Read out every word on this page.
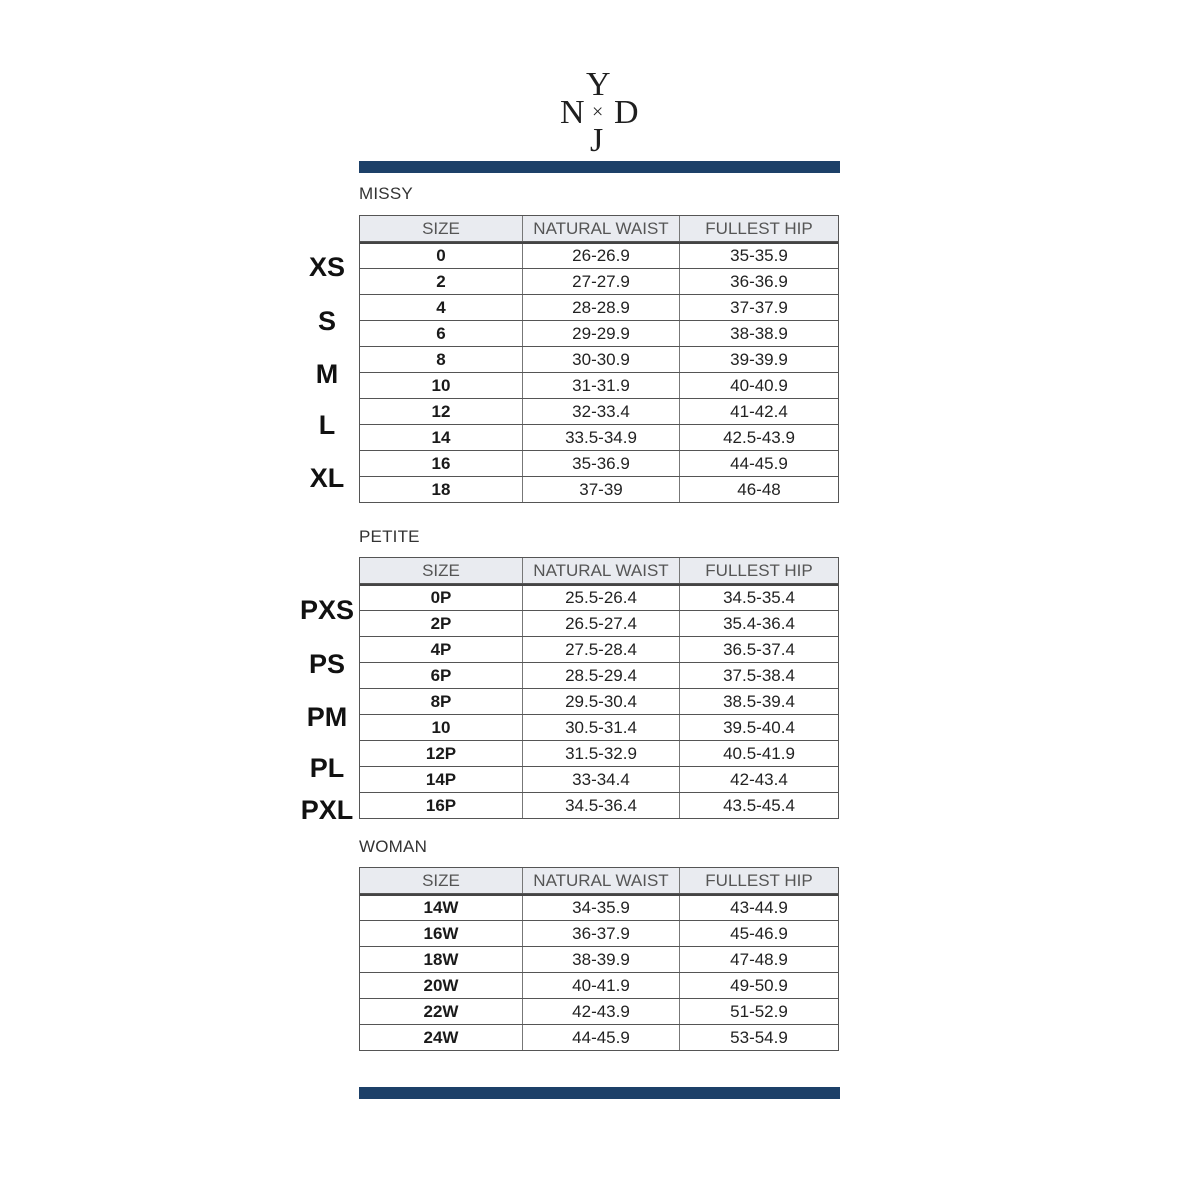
Y
N × D
J
MISSY
SIZE	NATURAL WAIST	FULLEST HIP
0	26-26.9	35-35.9
2	27-27.9	36-36.9
4	28-28.9	37-37.9
6	29-29.9	38-38.9
8	30-30.9	39-39.9
10	31-31.9	40-40.9
12	32-33.4	41-42.4
14	33.5-34.9	42.5-43.9
16	35-36.9	44-45.9
18	37-39	46-48
XS
S
M
L
XL
PETITE
SIZE	NATURAL WAIST	FULLEST HIP
0P	25.5-26.4	34.5-35.4
2P	26.5-27.4	35.4-36.4
4P	27.5-28.4	36.5-37.4
6P	28.5-29.4	37.5-38.4
8P	29.5-30.4	38.5-39.4
10	30.5-31.4	39.5-40.4
12P	31.5-32.9	40.5-41.9
14P	33-34.4	42-43.4
16P	34.5-36.4	43.5-45.4
PXS
PS
PM
PL
PXL
WOMAN
SIZE	NATURAL WAIST	FULLEST HIP
14W	34-35.9	43-44.9
16W	36-37.9	45-46.9
18W	38-39.9	47-48.9
20W	40-41.9	49-50.9
22W	42-43.9	51-52.9
24W	44-45.9	53-54.9
